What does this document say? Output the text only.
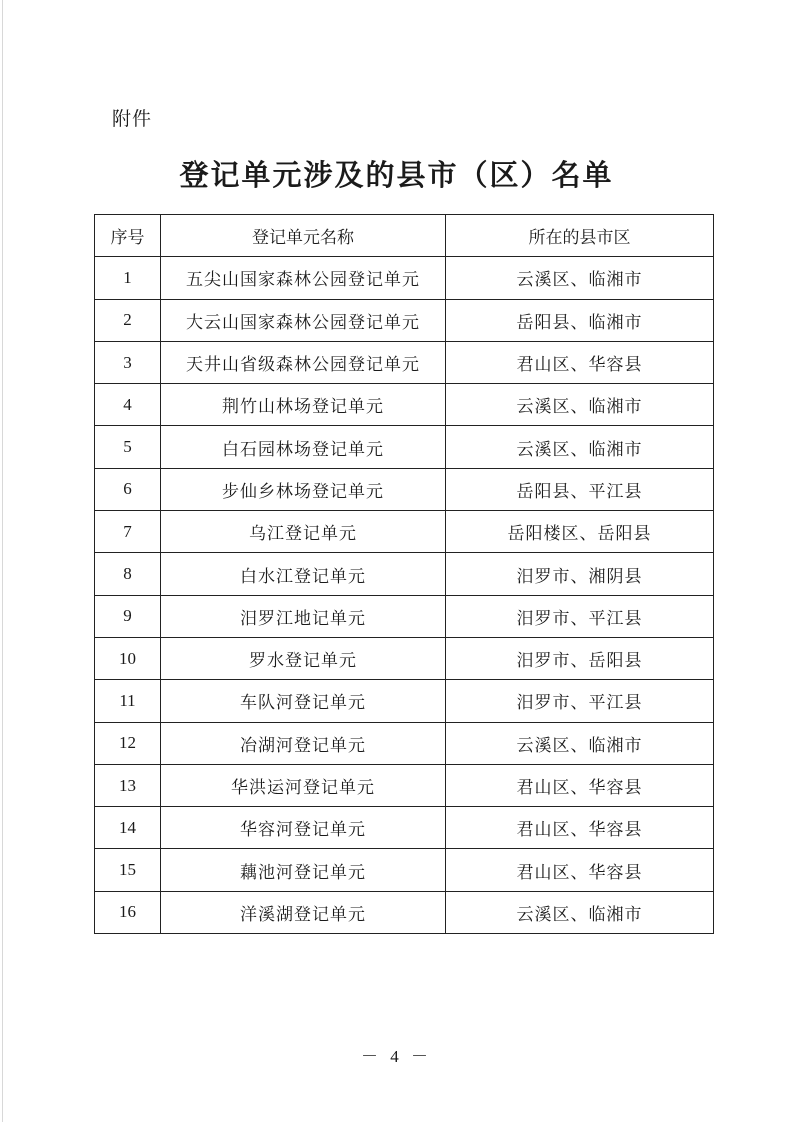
附件
登记单元涉及的县市（区）名单
序号	登记单元名称	所在的县市区
1	五尖山国家森林公园登记单元	云溪区、临湘市
2	大云山国家森林公园登记单元	岳阳县、临湘市
3	天井山省级森林公园登记单元	君山区、华容县
4	荆竹山林场登记单元	云溪区、临湘市
5	白石园林场登记单元	云溪区、临湘市
6	步仙乡林场登记单元	岳阳县、平江县
7	乌江登记单元	岳阳楼区、岳阳县
8	白水江登记单元	汨罗市、湘阴县
9	汨罗江地记单元	汨罗市、平江县
10	罗水登记单元	汨罗市、岳阳县
11	车队河登记单元	汨罗市、平江县
12	冶湖河登记单元	云溪区、临湘市
13	华洪运河登记单元	君山区、华容县
14	华容河登记单元	君山区、华容县
15	藕池河登记单元	君山区、华容县
16	洋溪湖登记单元	云溪区、临湘市
－ 4 －
